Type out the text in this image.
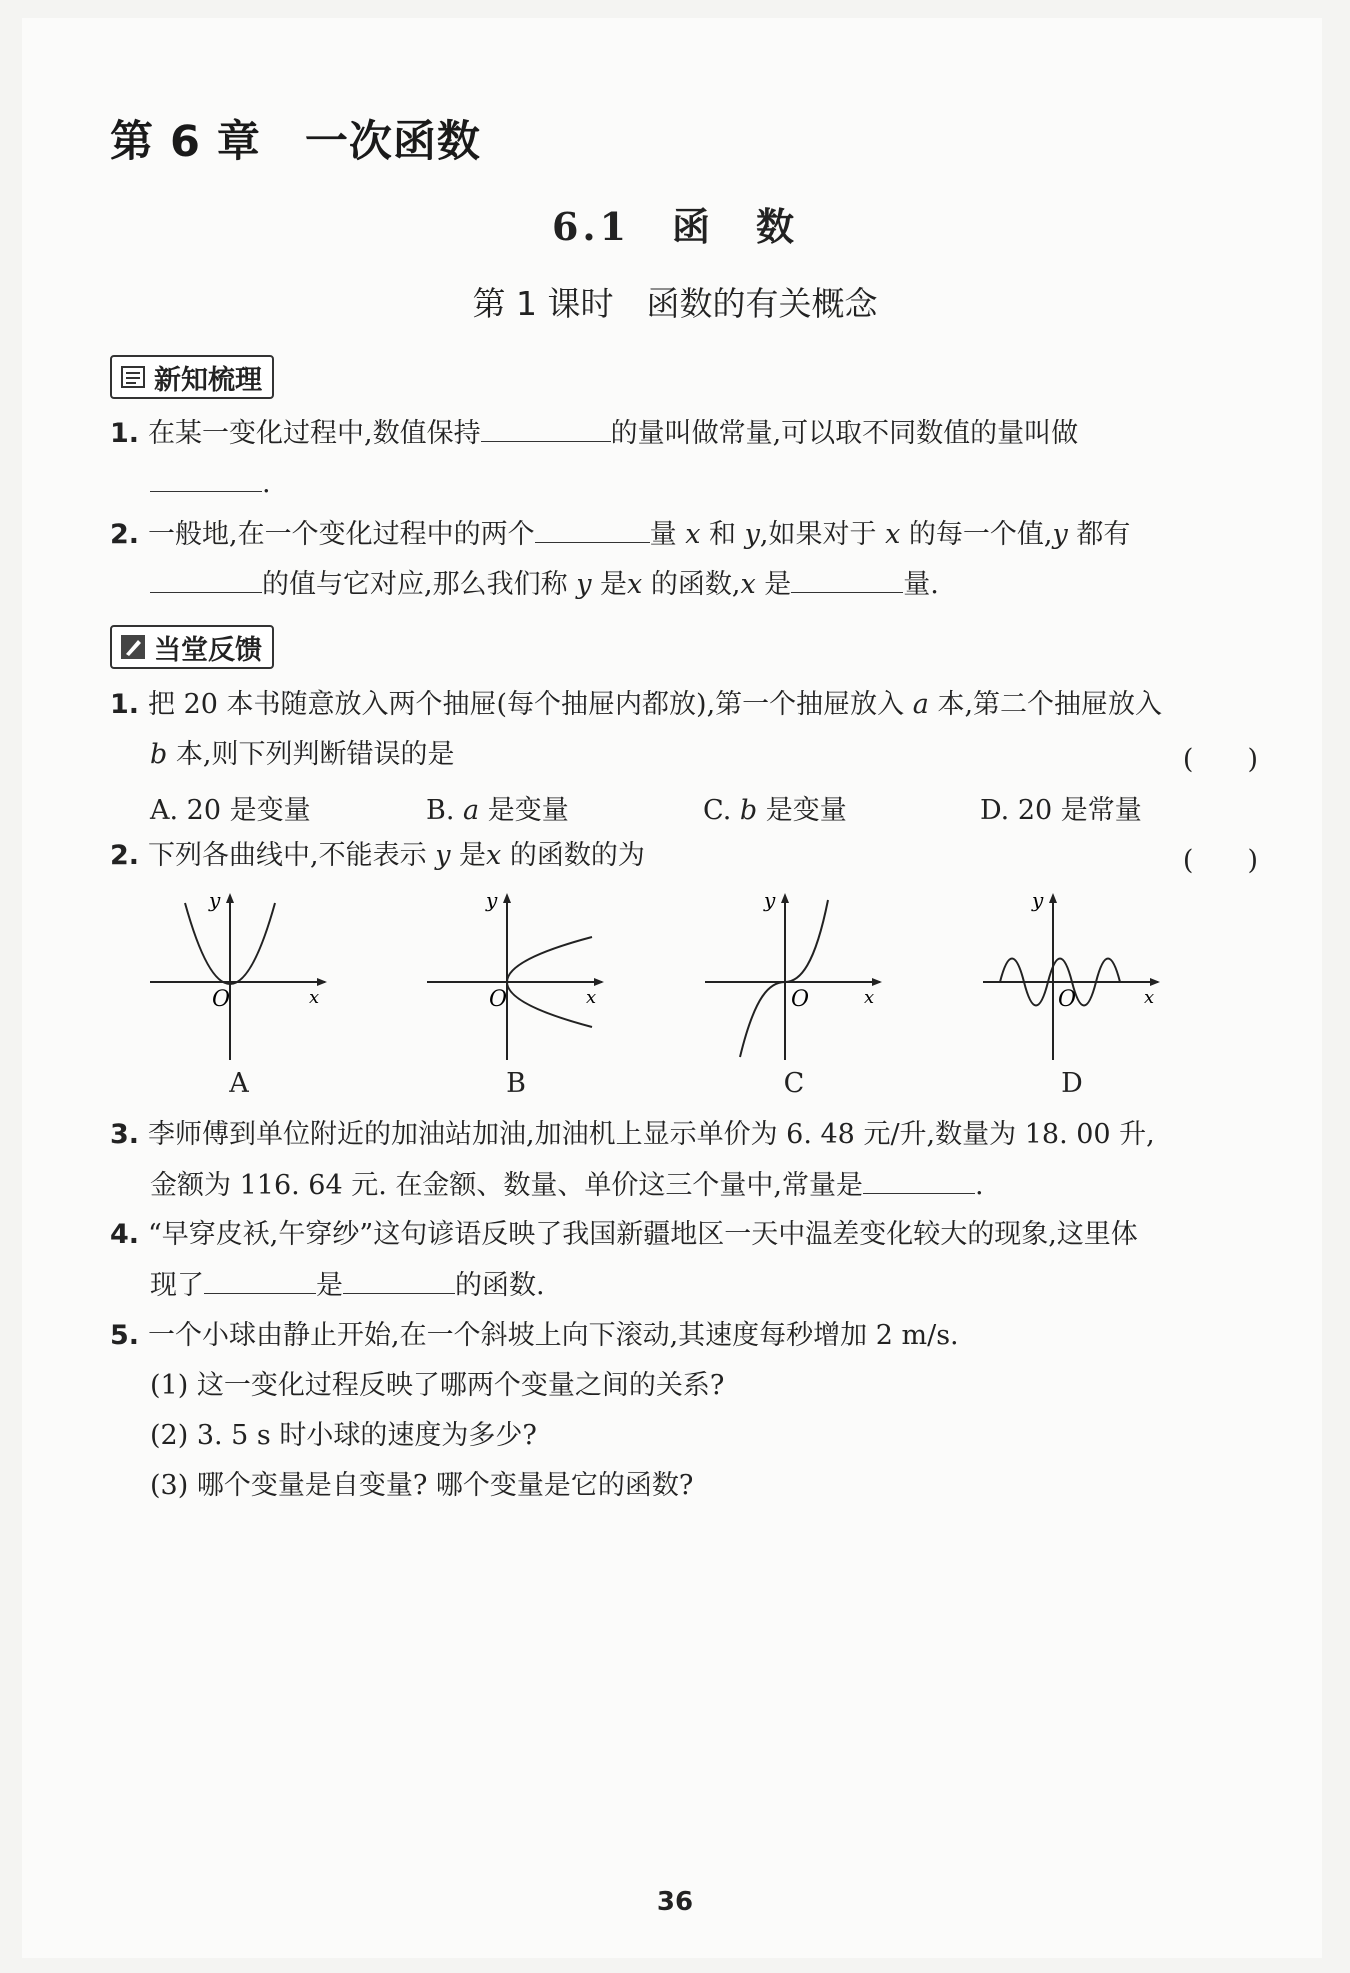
第 6 章　一次函数
6.1　函　数
第 1 课时　函数的有关概念
新知梳理
1. 在某一变化过程中,数值保持	的量叫做常量,可以取不同数值的量叫做
.
2. 一般地,在一个变化过程中的两个	量 x 和 y,如果对于 x 的每一个值,y 都有
的值与它对应,那么我们称 y 是x 的函数,x 是	量.
当堂反馈
1. 把 20 本书随意放入两个抽屉(每个抽屉内都放),第一个抽屉放入 a 本,第二个抽屉放入
b 本,则下列判断错误的是	(　　)
A. 20 是变量	B. a 是变量	C. b 是变量	D. 20 是常量
2. 下列各曲线中,不能表示 y 是x 的函数的为	(　　)
y
x
O
y
x
O
y
x
O
y
x
O
A	B	C	D
3. 李师傅到单位附近的加油站加油,加油机上显示单价为 6. 48 元/升,数量为 18. 00 升,
金额为 116. 64 元. 在金额、数量、单价这三个量中,常量是	.
4. “早穿皮袄,午穿纱”这句谚语反映了我国新疆地区一天中温差变化较大的现象,这里体
现了	是	的函数.
5. 一个小球由静止开始,在一个斜坡上向下滚动,其速度每秒增加 2 m/s.
(1) 这一变化过程反映了哪两个变量之间的关系?
(2) 3. 5 s 时小球的速度为多少?
(3) 哪个变量是自变量? 哪个变量是它的函数?
36
